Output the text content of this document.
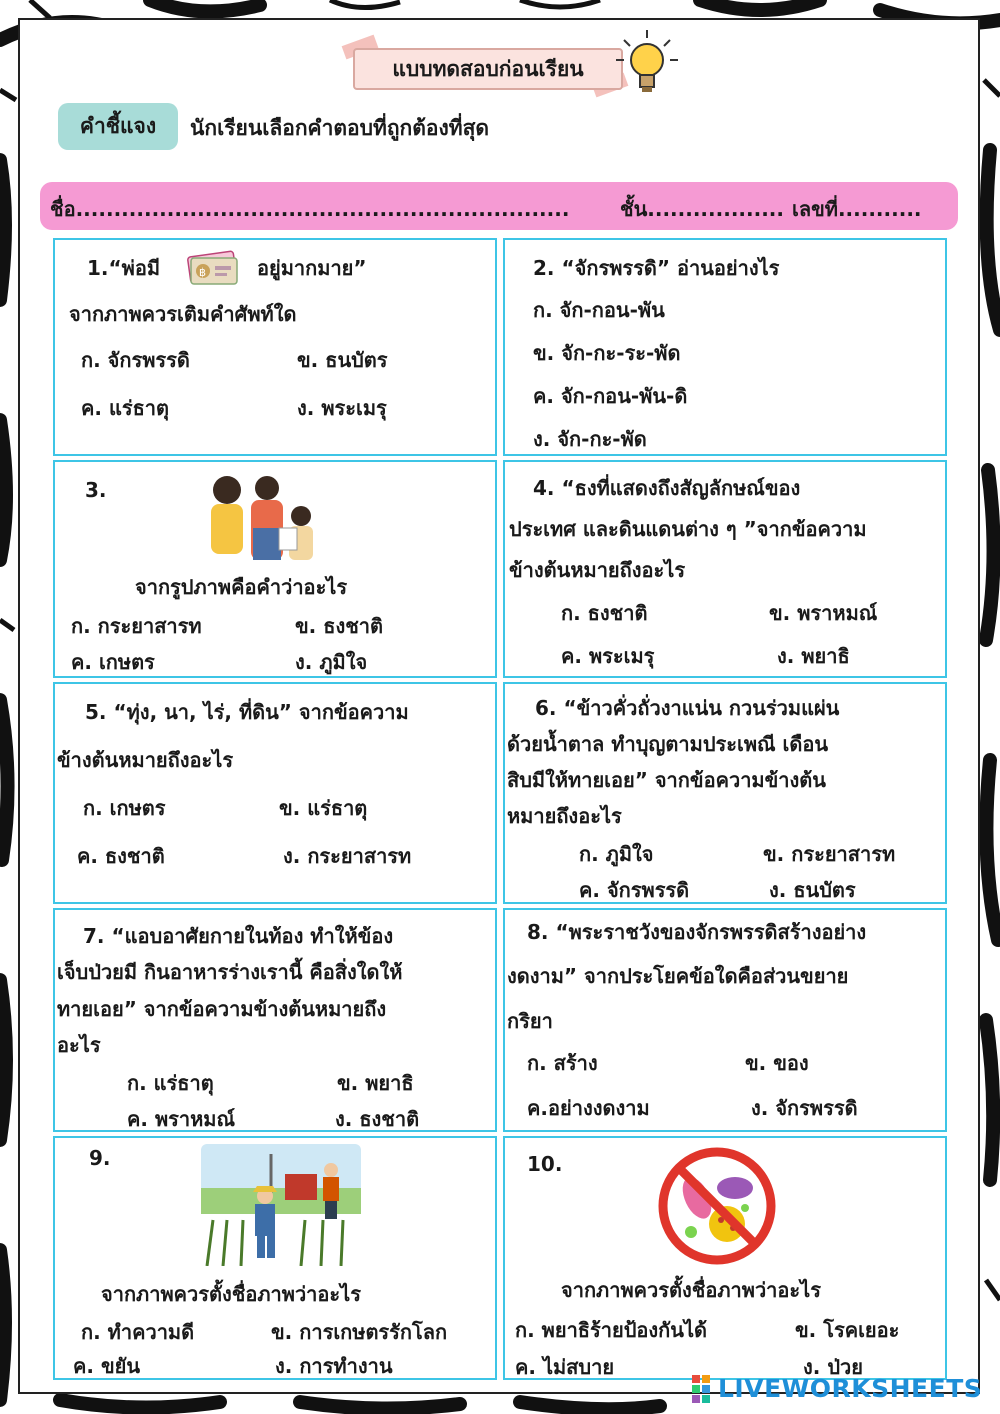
แบบทดสอบก่อนเรียน
คำชี้แจง	นักเรียนเลือกคำตอบที่ถูกต้องที่สุด
ชื่อ.................................................................	ชั้น.................. เลขที่...........
1.“พ่อมี	฿	อยู่มากมาย”
จากภาพควรเติมคำศัพท์ใด
ก. จักรพรรดิ	ข. ธนบัตร
ค. แร่ธาตุ	ง. พระเมรุ
2. “จักรพรรดิ” อ่านอย่างไร
ก. จัก-กอน-พัน
ข. จัก-กะ-ระ-พัด
ค. จัก-กอน-พัน-ดิ
ง. จัก-กะ-พัด
3.
จากรูปภาพคือคำว่าอะไร
ก. กระยาสารท	ข. ธงชาติ
ค. เกษตร	ง. ภูมิใจ
4. “ธงที่แสดงถึงสัญลักษณ์ของ
ประเทศ และดินแดนต่าง ๆ ”จากข้อความ
ข้างต้นหมายถึงอะไร
ก. ธงชาติ	ข. พราหมณ์
ค. พระเมรุ	ง. พยาธิ
5. “ทุ่ง, นา, ไร่, ที่ดิน” จากข้อความ
ข้างต้นหมายถึงอะไร
ก. เกษตร	ข. แร่ธาตุ
ค. ธงชาติ	ง. กระยาสารท
6. “ข้าวคั่วถั่วงาแน่น กวนร่วมแผ่น
ด้วยน้ำตาล ทำบุญตามประเพณี เดือน
สิบมีให้ทายเอย” จากข้อความข้างต้น
หมายถึงอะไร
ก. ภูมิใจ	ข. กระยาสารท
ค. จักรพรรดิ	ง. ธนบัตร
7. “แอบอาศัยกายในท้อง ทำให้ข้อง
เจ็บป่วยมี กินอาหารร่างเรานี้ คือสิ่งใดให้
ทายเอย” จากข้อความข้างต้นหมายถึง
อะไร
ก. แร่ธาตุ	ข. พยาธิ
ค. พราหมณ์	ง. ธงชาติ
8. “พระราชวังของจักรพรรดิสร้างอย่าง
งดงาม” จากประโยคข้อใดคือส่วนขยาย
กริยา
ก. สร้าง	ข. ของ
ค.อย่างงดงาม	ง. จักรพรรดิ
9.
จากภาพควรตั้งชื่อภาพว่าอะไร
ก. ทำความดี	ข. การเกษตรรักโลก
ค. ขยัน	ง. การทำงาน
10.
จากภาพควรตั้งชื่อภาพว่าอะไร
ก. พยาธิร้ายป้องกันได้	ข. โรคเยอะ
ค. ไม่สบาย	ง. ป่วย
LIVEWORKSHEETS
